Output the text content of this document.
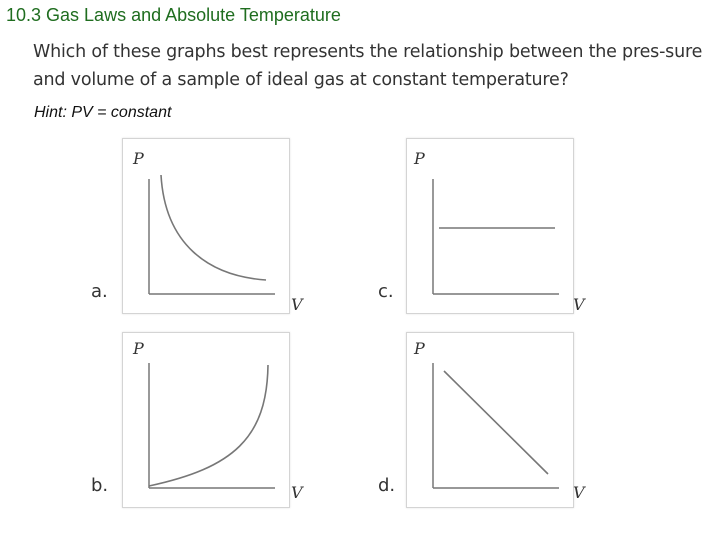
10.3 Gas Laws and Absolute Temperature
Which of these graphs best represents the relationship between the pres-sure and volume of a sample of ideal gas at constant temperature?
Hint: PV = constant
P
V
a.
P
V
c.
P
V
b.
P
V
d.
